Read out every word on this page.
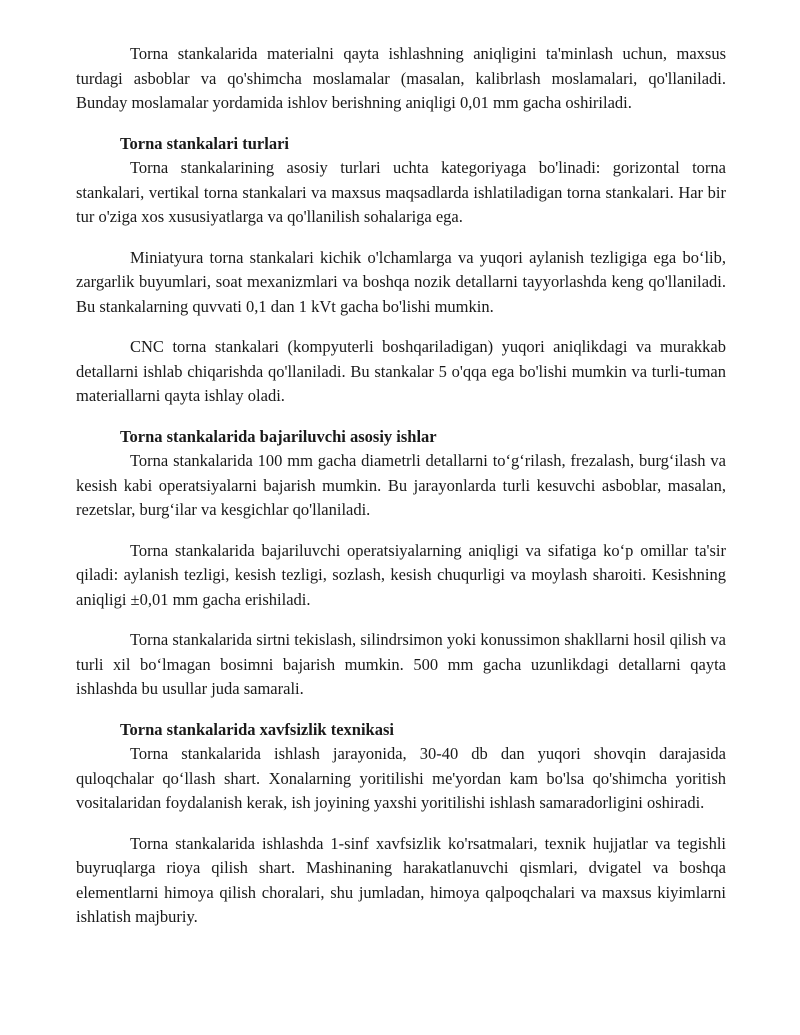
Torna stankalarida materialni qayta ishlashning aniqligini ta'minlash uchun, maxsus turdagi asboblar va qo'shimcha moslamalar (masalan, kalibrlash moslamalari, qo'llaniladi. Bunday moslamalar yordamida ishlov berishning aniqligi 0,01 mm gacha oshiriladi.

Torna stankalari turlari

Torna stankalarining asosiy turlari uchta kategoriyaga bo'linadi: gorizontal torna stankalari, vertikal torna stankalari va maxsus maqsadlarda ishlatiladigan torna stankalari. Har bir tur o'ziga xos xususiyatlarga va qo'llanilish sohalariga ega.

Miniatyura torna stankalari kichik o'lchamlarga va yuqori aylanish tezligiga ega bo‘lib, zargarlik buyumlari, soat mexanizmlari va boshqa nozik detallarni tayyorlashda keng qo'llaniladi. Bu stankalarning quvvati 0,1 dan 1 kVt gacha bo'lishi mumkin.

CNC torna stankalari (kompyuterli boshqariladigan) yuqori aniqlikdagi va murakkab detallarni ishlab chiqarishda qo'llaniladi. Bu stankalar 5 o'qqa ega bo'lishi mumkin va turli-tuman materiallarni qayta ishlay oladi.

Torna stankalarida bajariluvchi asosiy ishlar

Torna stankalarida 100 mm gacha diametrli detallarni to‘g‘rilash, frezalash, burg‘ilash va kesish kabi operatsiyalarni bajarish mumkin. Bu jarayonlarda turli kesuvchi asboblar, masalan, rezetslar, burg‘ilar va kesgichlar qo'llaniladi.

Torna stankalarida bajariluvchi operatsiyalarning aniqligi va sifatiga ko‘p omillar ta'sir qiladi: aylanish tezligi, kesish tezligi, sozlash, kesish chuqurligi va moylash sharoiti. Kesishning aniqligi ±0,01 mm gacha erishiladi.

Torna stankalarida sirtni tekislash, silindrsimon yoki konussimon shakllarni hosil qilish va turli xil bo‘lmagan bosimni bajarish mumkin. 500 mm gacha uzunlikdagi detallarni qayta ishlashda bu usullar juda samarali.

Torna stankalarida xavfsizlik texnikasi

Torna stankalarida ishlash jarayonida, 30-40 db dan yuqori shovqin darajasida quloqchalar qo‘llash shart. Xonalarning yoritilishi me'yordan kam bo'lsa qo'shimcha yoritish vositalaridan foydalanish kerak, ish joyining yaxshi yoritilishi ishlash samaradorligini oshiradi.

Torna stankalarida ishlashda 1-sinf xavfsizlik ko'rsatmalari, texnik hujjatlar va tegishli buyruqlarga rioya qilish shart. Mashinaning harakatlanuvchi qismlari, dvigatel va boshqa elementlarni himoya qilish choralari, shu jumladan, himoya qalpoqchalari va maxsus kiyimlarni ishlatish majburiy.
